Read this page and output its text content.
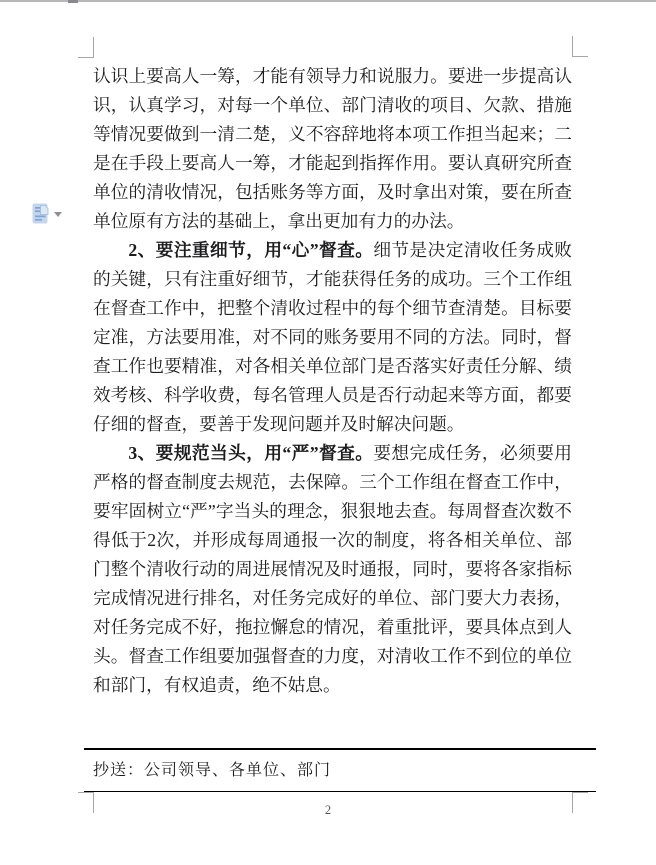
认识上要高人一筹，才能有领导力和说服力。要进一步提高认识，认真学习，对每一个单位、部门清收的项目、欠款、措施等情况要做到一清二楚，义不容辞地将本项工作担当起来；二是在手段上要高人一筹，才能起到指挥作用。要认真研究所查单位的清收情况，包括账务等方面，及时拿出对策，要在所查单位原有方法的基础上，拿出更加有力的办法。

2、要注重细节，用“心”督查。细节是决定清收任务成败的关键，只有注重好细节，才能获得任务的成功。三个工作组在督查工作中，把整个清收过程中的每个细节查清楚。目标要定准，方法要用准，对不同的账务要用不同的方法。同时，督查工作也要精准，对各相关单位部门是否落实好责任分解、绩效考核、科学收费，每名管理人员是否行动起来等方面，都要仔细的督查，要善于发现问题并及时解决问题。

3、要规范当头，用“严”督查。要想完成任务，必须要用严格的督查制度去规范，去保障。三个工作组在督查工作中，要牢固树立“严”字当头的理念，狠狠地去查。每周督查次数不得低于2次，并形成每周通报一次的制度，将各相关单位、部门整个清收行动的周进展情况及时通报，同时，要将各家指标完成情况进行排名，对任务完成好的单位、部门要大力表扬，对任务完成不好，拖拉懈怠的情况，着重批评，要具体点到人头。督查工作组要加强督查的力度，对清收工作不到位的单位和部门，有权追责，绝不姑息。

抄送：公司领导、各单位、部门
2
